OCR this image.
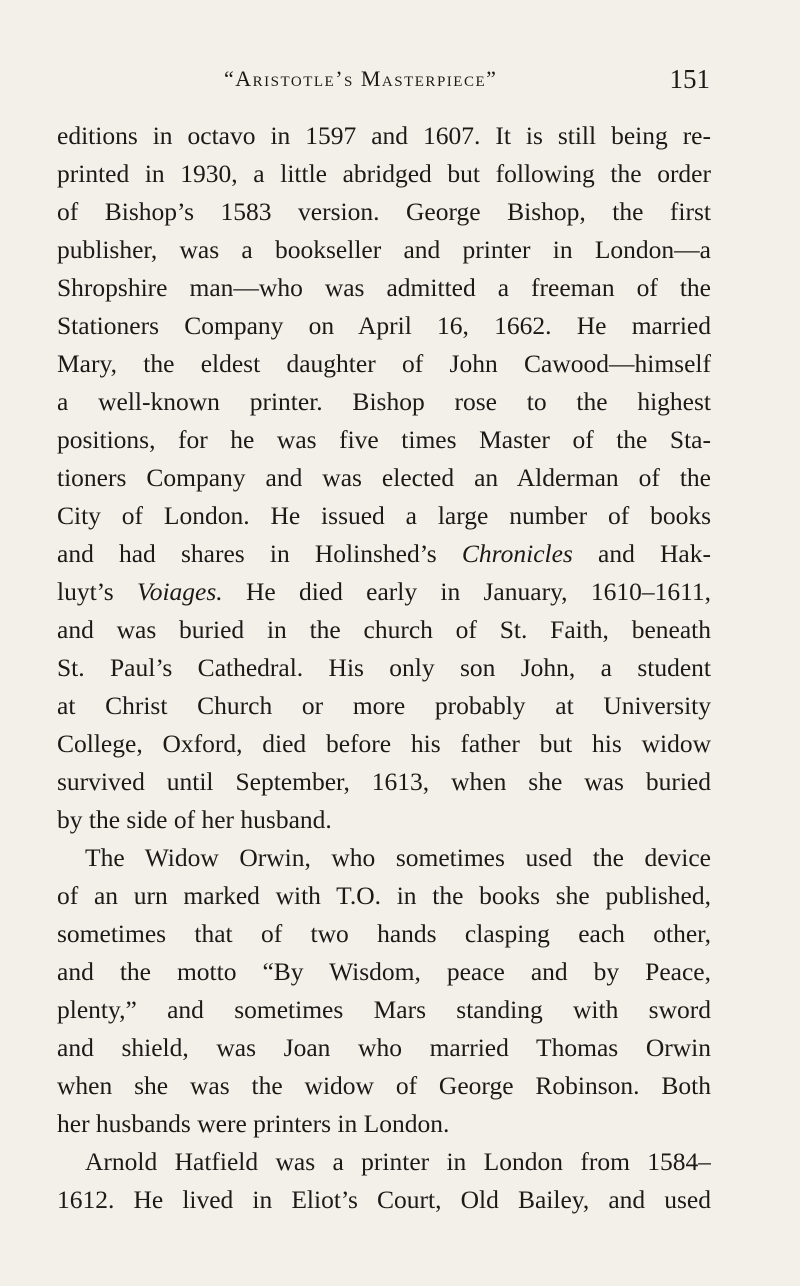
“Aristotle’s Masterpiece”	151
editions in octavo in 1597 and 1607. It is still being re-
printed in 1930, a little abridged but following the order
of Bishop’s 1583 version. George Bishop, the first
publisher, was a bookseller and printer in London—a
Shropshire man—who was admitted a freeman of the
Stationers Company on April 16, 1662. He married
Mary, the eldest daughter of John Cawood—himself
a well-known printer. Bishop rose to the highest
positions, for he was five times Master of the Sta-
tioners Company and was elected an Alderman of the
City of London. He issued a large number of books
and had shares in Holinshed’s Chronicles and Hak-
luyt’s Voiages. He died early in January, 1610–1611,
and was buried in the church of St. Faith, beneath
St. Paul’s Cathedral. His only son John, a student
at Christ Church or more probably at University
College, Oxford, died before his father but his widow
survived until September, 1613, when she was buried
by the side of her husband.
The Widow Orwin, who sometimes used the device
of an urn marked with T.O. in the books she published,
sometimes that of two hands clasping each other,
and the motto “By Wisdom, peace and by Peace,
plenty,” and sometimes Mars standing with sword
and shield, was Joan who married Thomas Orwin
when she was the widow of George Robinson. Both
her husbands were printers in London.
Arnold Hatfield was a printer in London from 1584–
1612. He lived in Eliot’s Court, Old Bailey, and used
